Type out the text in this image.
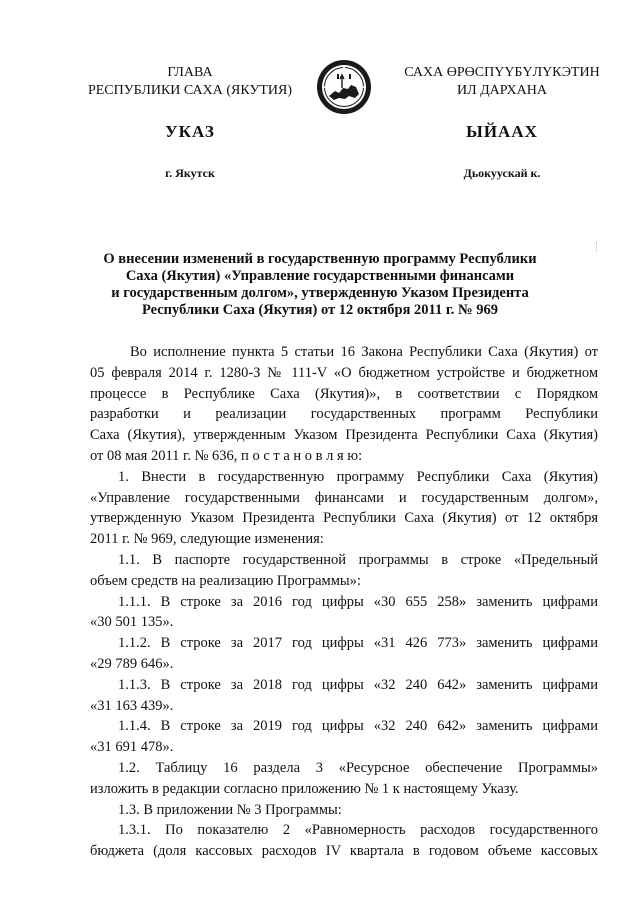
ГЛАВА
РЕСПУБЛИКИ САХА (ЯКУТИЯ)
САХА ӨРӨСПҮҮБҮЛҮКЭТИН
ИЛ ДАРХАНА
УКАЗ	ЫЙААХ
г. Якутск	Дьокуускай к.
О внесении изменений в государственную программу Республики
Саха (Якутия) «Управление государственными финансами
и государственным долгом», утвержденную Указом Президента
Республики Саха (Якутия) от 12 октября 2011 г. № 969
Во исполнение пункта 5 статьи 16 Закона Республики Саха (Якутия) от
05 февраля 2014 г. 1280-З № 111-V «О бюджетном устройстве и бюджетном
процессе в Республике Саха (Якутия)», в соответствии с Порядком
разработки и реализации государственных программ Республики
Саха (Якутия), утвержденным Указом Президента Республики Саха (Якутия)
от 08 мая 2011 г. № 636, п о с т а н о в л я ю:
1. Внести в государственную программу Республики Саха (Якутия)
«Управление государственными финансами и государственным долгом»,
утвержденную Указом Президента Республики Саха (Якутия) от 12 октября
2011 г. № 969, следующие изменения:
1.1. В паспорте государственной программы в строке «Предельный
объем средств на реализацию Программы»:
1.1.1. В строке за 2016 год цифры «30 655 258» заменить цифрами
«30 501 135».
1.1.2. В строке за 2017 год цифры «31 426 773» заменить цифрами
«29 789 646».
1.1.3. В строке за 2018 год цифры «32 240 642» заменить цифрами
«31 163 439».
1.1.4. В строке за 2019 год цифры «32 240 642» заменить цифрами
«31 691 478».
1.2. Таблицу 16 раздела 3 «Ресурсное обеспечение Программы»
изложить в редакции согласно приложению № 1 к настоящему Указу.
1.3. В приложении № 3 Программы:
1.3.1. По показателю 2 «Равномерность расходов государственного
бюджета (доля кассовых расходов IV квартала в годовом объеме кассовых
